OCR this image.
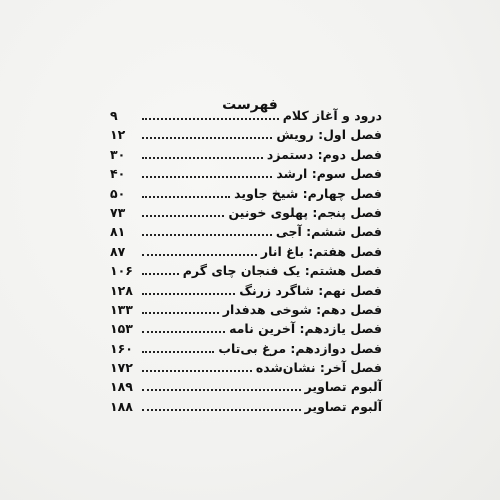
فهرست
۹	درود و آغاز کلام
۱۲	فصل اول: رویش
۳۰	فصل دوم: دستمزد
۴۰	فصل سوم: ارشد
۵۰	فصل چهارم: شیخ جاوید
۷۳	فصل پنجم: پهلوی خونین
۸۱	فصل ششم: آجی
۸۷	فصل هفتم: باغ انار
۱۰۶	فصل هشتم: یک فنجان چای گرم
۱۲۸	فصل نهم: شاگرد زرنگ
۱۳۳	فصل دهم: شوخی هدفدار
۱۵۳	فصل یازدهم: آخرین نامه
۱۶۰	فصل دوازدهم: مرغ بی‌تاب
۱۷۲	فصل آخر: نشان‌شده
۱۸۹	آلبوم تصاویر
۱۸۸	آلبوم تصاویر
